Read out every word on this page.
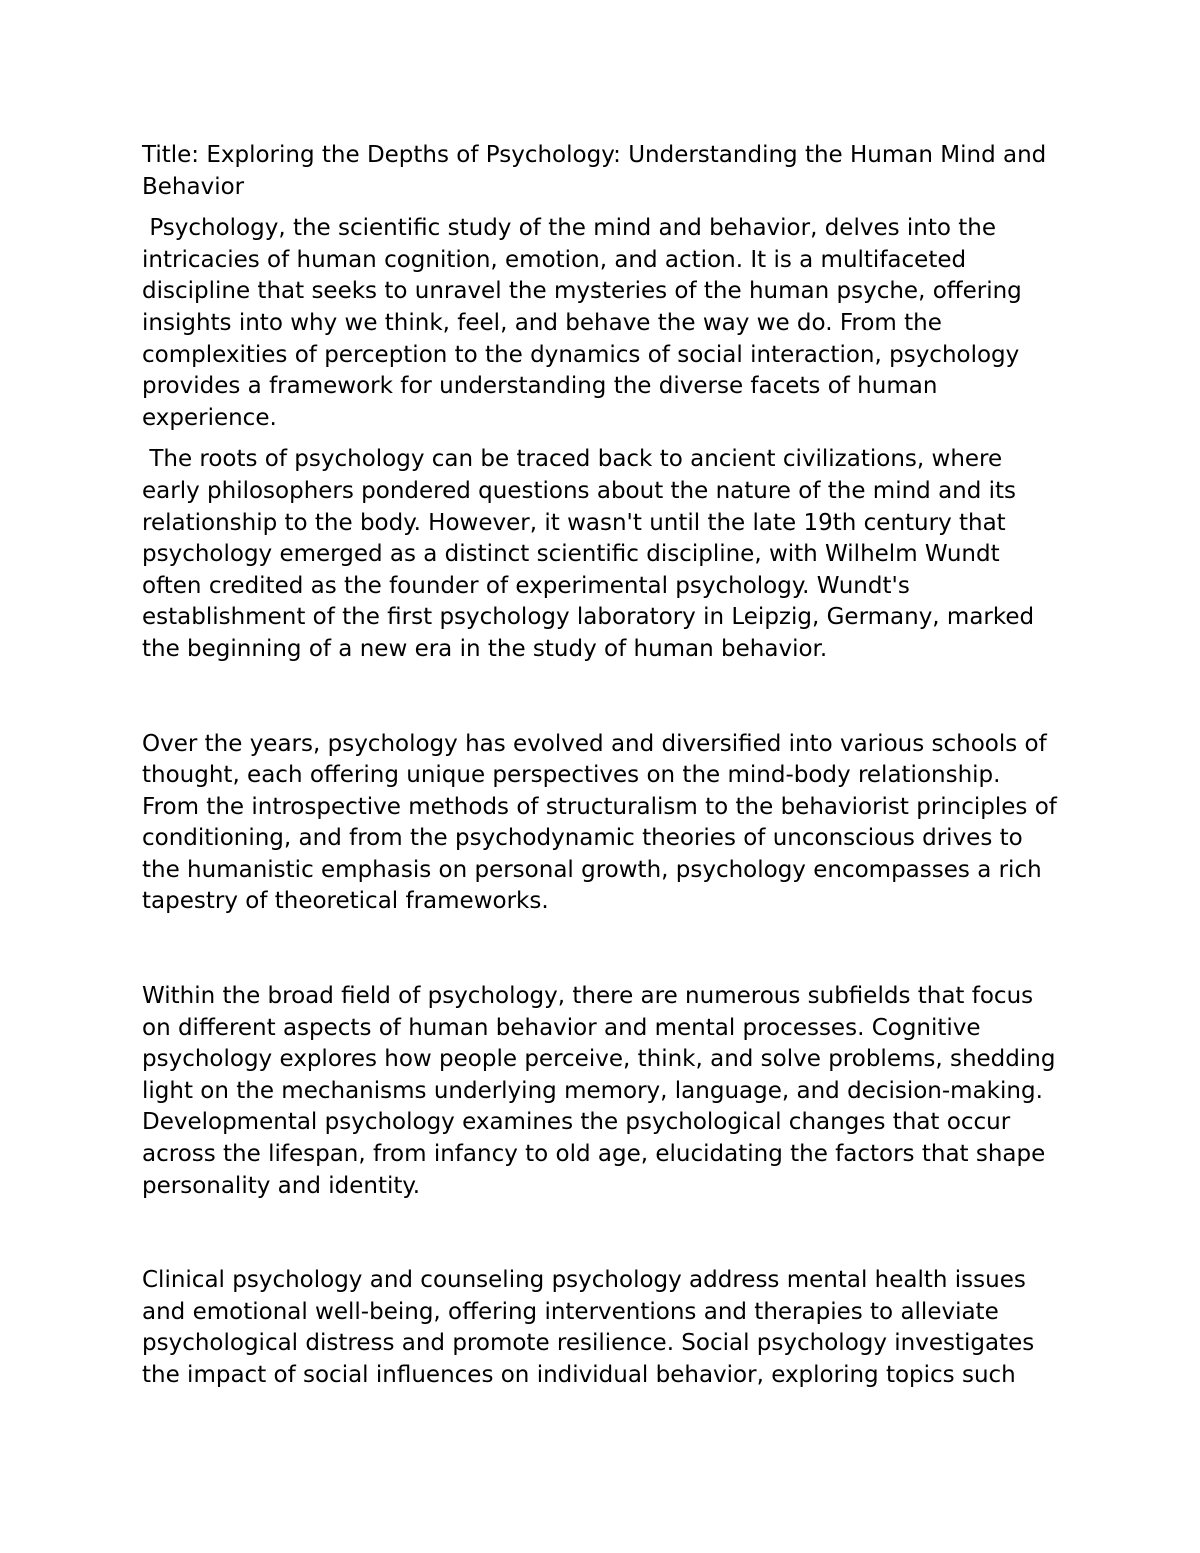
Title: Exploring the Depths of Psychology: Understanding the Human Mind and Behavior

Psychology, the scientific study of the mind and behavior, delves into the intricacies of human cognition, emotion, and action. It is a multifaceted discipline that seeks to unravel the mysteries of the human psyche, offering insights into why we think, feel, and behave the way we do. From the complexities of perception to the dynamics of social interaction, psychology provides a framework for understanding the diverse facets of human experience.

The roots of psychology can be traced back to ancient civilizations, where early philosophers pondered questions about the nature of the mind and its relationship to the body. However, it wasn't until the late 19th century that psychology emerged as a distinct scientific discipline, with Wilhelm Wundt often credited as the founder of experimental psychology. Wundt's establishment of the first psychology laboratory in Leipzig, Germany, marked the beginning of a new era in the study of human behavior.

Over the years, psychology has evolved and diversified into various schools of thought, each offering unique perspectives on the mind-body relationship. From the introspective methods of structuralism to the behaviorist principles of conditioning, and from the psychodynamic theories of unconscious drives to the humanistic emphasis on personal growth, psychology encompasses a rich tapestry of theoretical frameworks.

Within the broad field of psychology, there are numerous subfields that focus on different aspects of human behavior and mental processes. Cognitive psychology explores how people perceive, think, and solve problems, shedding light on the mechanisms underlying memory, language, and decision-making. Developmental psychology examines the psychological changes that occur across the lifespan, from infancy to old age, elucidating the factors that shape personality and identity.

Clinical psychology and counseling psychology address mental health issues and emotional well-being, offering interventions and therapies to alleviate psychological distress and promote resilience. Social psychology investigates the impact of social influences on individual behavior, exploring topics such
